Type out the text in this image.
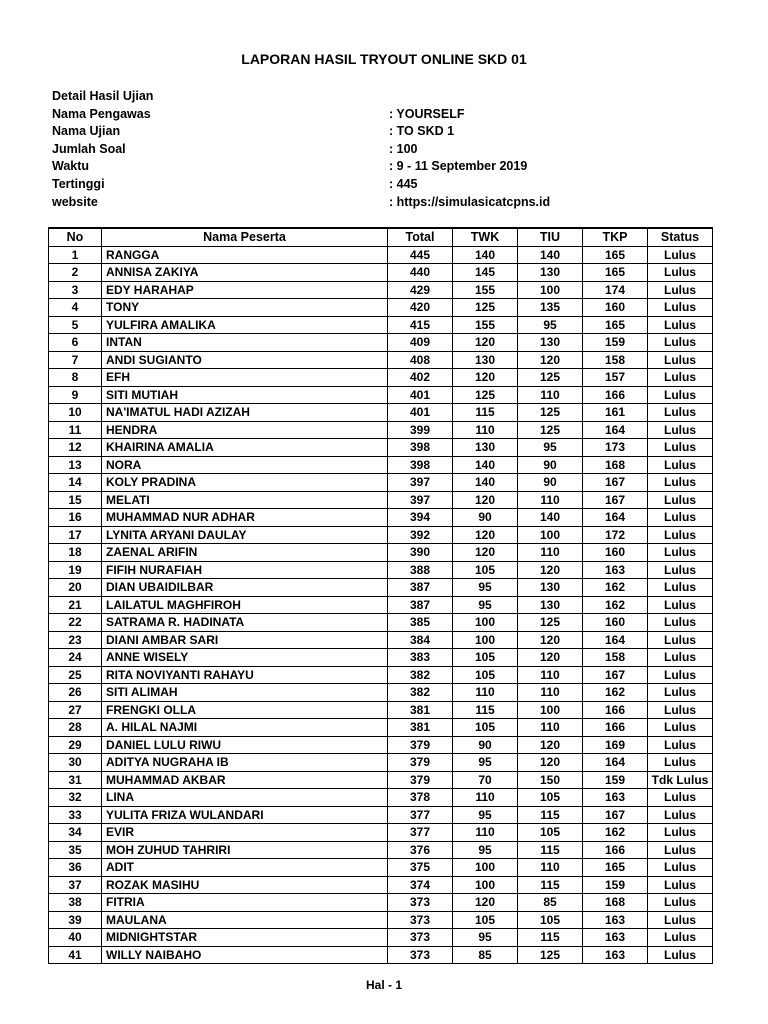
LAPORAN HASIL TRYOUT ONLINE SKD 01
Detail Hasil Ujian
Nama Pengawas	: YOURSELF
Nama Ujian	: TO SKD 1
Jumlah Soal	: 100
Waktu	: 9 - 11 September 2019
Tertinggi	: 445
website	: https://simulasicatcpns.id
No	Nama Peserta	Total	TWK	TIU	TKP	Status
1	RANGGA	445	140	140	165	Lulus
2	ANNISA ZAKIYA	440	145	130	165	Lulus
3	EDY HARAHAP	429	155	100	174	Lulus
4	TONY	420	125	135	160	Lulus
5	YULFIRA AMALIKA	415	155	95	165	Lulus
6	INTAN	409	120	130	159	Lulus
7	ANDI SUGIANTO	408	130	120	158	Lulus
8	EFH	402	120	125	157	Lulus
9	SITI MUTIAH	401	125	110	166	Lulus
10	NA'IMATUL HADI AZIZAH	401	115	125	161	Lulus
11	HENDRA	399	110	125	164	Lulus
12	KHAIRINA AMALIA	398	130	95	173	Lulus
13	NORA	398	140	90	168	Lulus
14	KOLY PRADINA	397	140	90	167	Lulus
15	MELATI	397	120	110	167	Lulus
16	MUHAMMAD NUR ADHAR	394	90	140	164	Lulus
17	LYNITA ARYANI DAULAY	392	120	100	172	Lulus
18	ZAENAL ARIFIN	390	120	110	160	Lulus
19	FIFIH NURAFIAH	388	105	120	163	Lulus
20	DIAN UBAIDILBAR	387	95	130	162	Lulus
21	LAILATUL MAGHFIROH	387	95	130	162	Lulus
22	SATRAMA R. HADINATA	385	100	125	160	Lulus
23	DIANI AMBAR SARI	384	100	120	164	Lulus
24	ANNE WISELY	383	105	120	158	Lulus
25	RITA NOVIYANTI RAHAYU	382	105	110	167	Lulus
26	SITI ALIMAH	382	110	110	162	Lulus
27	FRENGKI OLLA	381	115	100	166	Lulus
28	A. HILAL NAJMI	381	105	110	166	Lulus
29	DANIEL LULU RIWU	379	90	120	169	Lulus
30	ADITYA NUGRAHA IB	379	95	120	164	Lulus
31	MUHAMMAD AKBAR	379	70	150	159	Tdk Lulus
32	LINA	378	110	105	163	Lulus
33	YULITA FRIZA WULANDARI	377	95	115	167	Lulus
34	EVIR	377	110	105	162	Lulus
35	MOH ZUHUD TAHRIRI	376	95	115	166	Lulus
36	ADIT	375	100	110	165	Lulus
37	ROZAK MASIHU	374	100	115	159	Lulus
38	FITRIA	373	120	85	168	Lulus
39	MAULANA	373	105	105	163	Lulus
40	MIDNIGHTSTAR	373	95	115	163	Lulus
41	WILLY NAIBAHO	373	85	125	163	Lulus
Hal - 1
